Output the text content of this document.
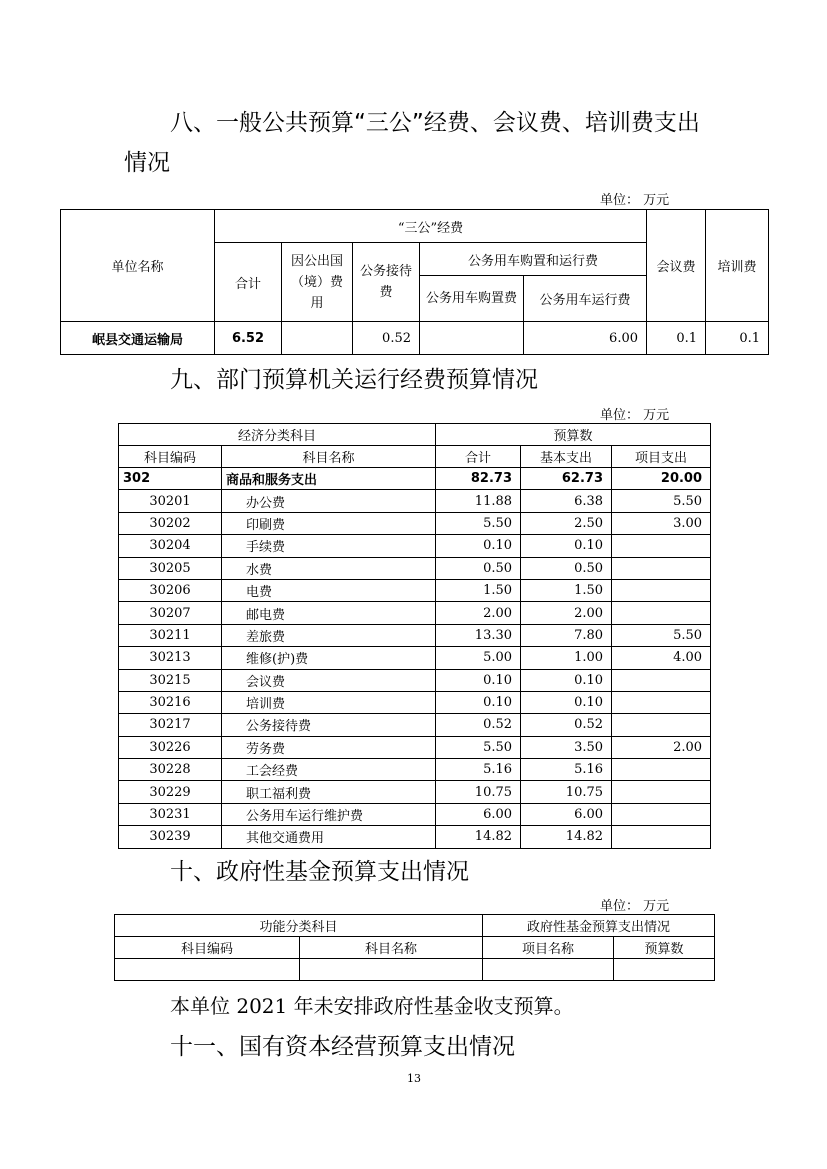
八、一般公共预算“三公”经费、会议费、培训费支出
情况
单位： 万元
单位名称	“三公”经费					会议费	培训费
	合计	因公出国（境）费用	公务接待费	公务用车购置和运行费			
				公务用车购置费	公务用车运行费		
岷县交通运输局	6.52		0.52		6.00	0.1	0.1
九、部门预算机关运行经费预算情况
单位： 万元
经济分类科目		预算数		
科目编码	科目名称	合计	基本支出	项目支出
302	商品和服务支出	82.73	62.73	20.00
30201	办公费	11.88	6.38	5.50
30202	印刷费	5.50	2.50	3.00
30204	手续费	0.10	0.10	
30205	水费	0.50	0.50	
30206	电费	1.50	1.50	
30207	邮电费	2.00	2.00	
30211	差旅费	13.30	7.80	5.50
30213	维修(护)费	5.00	1.00	4.00
30215	会议费	0.10	0.10	
30216	培训费	0.10	0.10	
30217	公务接待费	0.52	0.52	
30226	劳务费	5.50	3.50	2.00
30228	工会经费	5.16	5.16	
30229	职工福利费	10.75	10.75	
30231	公务用车运行维护费	6.00	6.00	
30239	其他交通费用	14.82	14.82	
十、政府性基金预算支出情况
单位： 万元
功能分类科目		政府性基金预算支出情况	
科目编码	科目名称	项目名称	预算数

本单位 2021 年未安排政府性基金收支预算。
十一、国有资本经营预算支出情况
13
